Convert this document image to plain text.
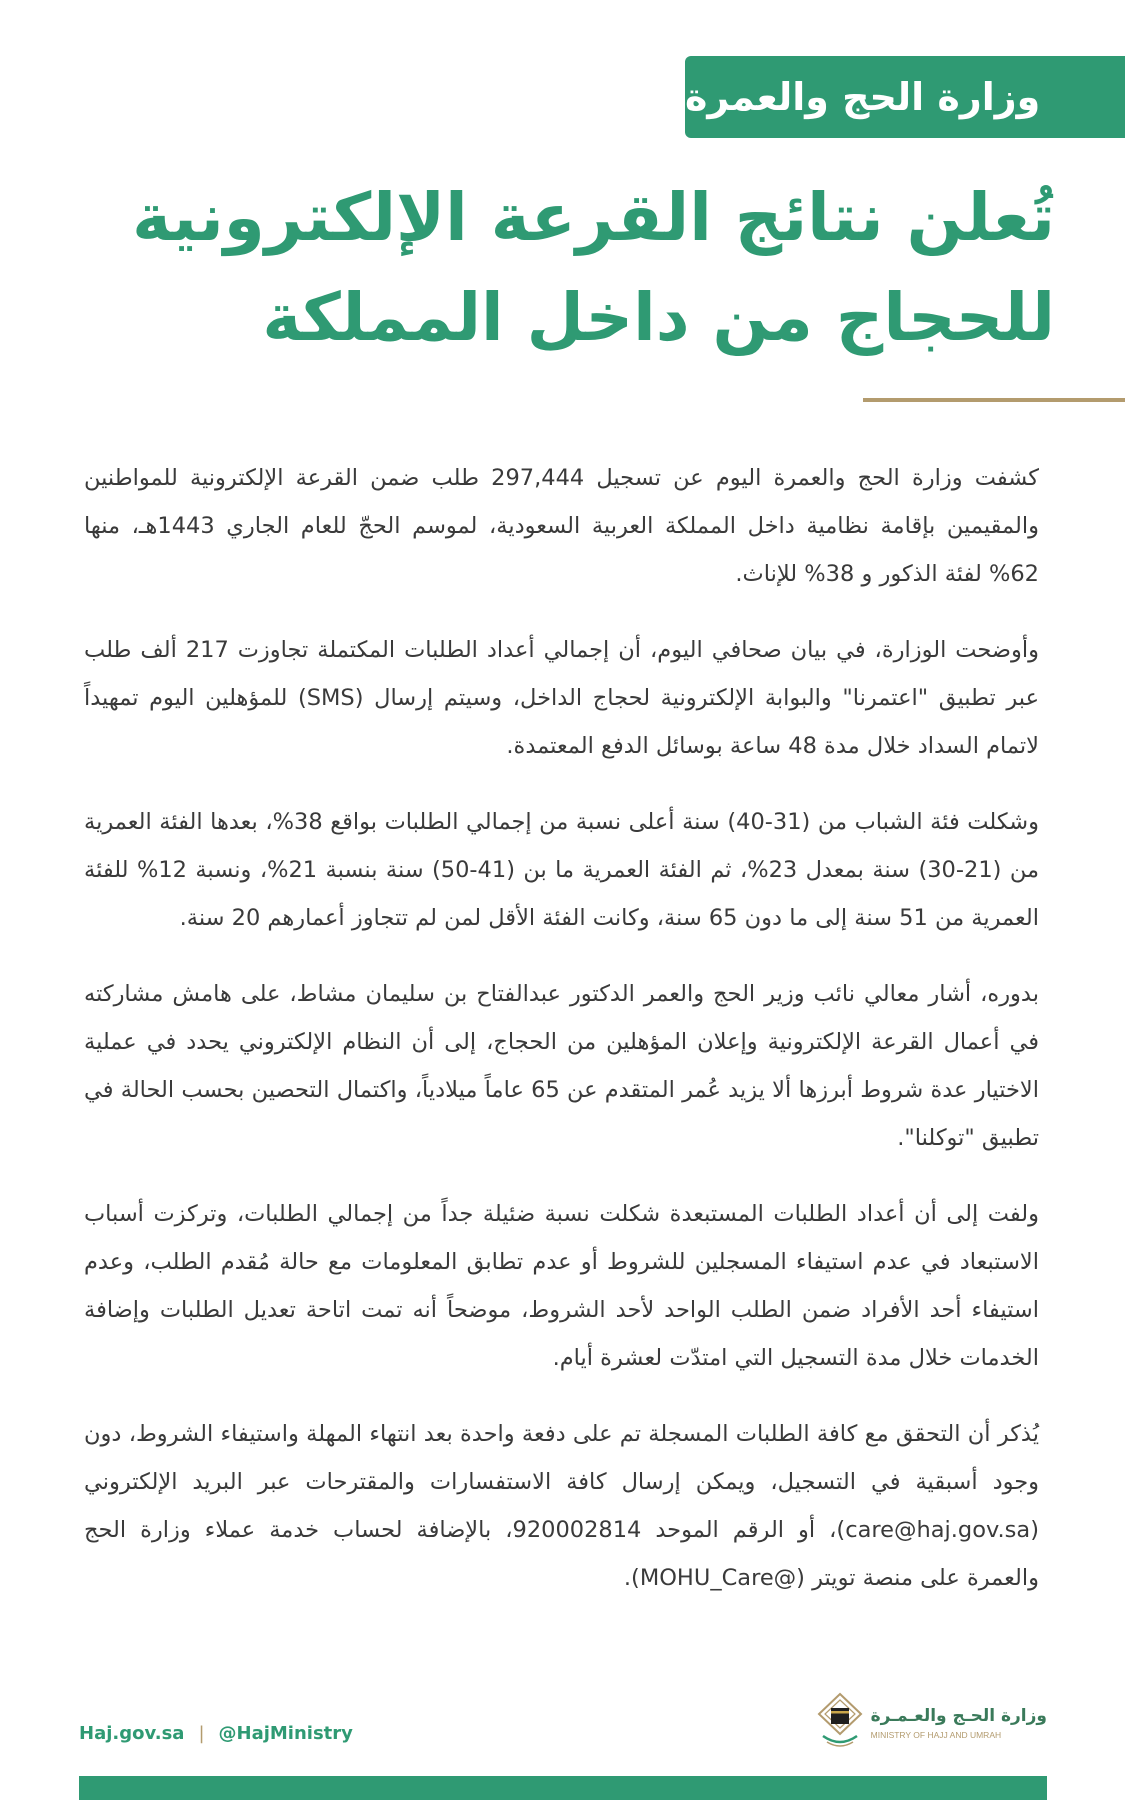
وزارة الحج والعمرة
تُعلن نتائج القرعة الإلكترونية
للحجاج من داخل المملكة

كشفت وزارة الحج والعمرة اليوم عن تسجيل 297,444 طلب ضمن القرعة الإلكترونية للمواطنين والمقيمين بإقامة نظامية داخل المملكة العربية السعودية، لموسم الحجّ للعام الجاري 1443هـ، منها 62% لفئة الذكور و 38% للإناث.

وأوضحت الوزارة، في بيان صحافي اليوم، أن إجمالي أعداد الطلبات المكتملة تجاوزت 217 ألف طلب عبر تطبيق "اعتمرنا" والبوابة الإلكترونية لحجاج الداخل، وسيتم إرسال (SMS) للمؤهلين اليوم تمهيداً لاتمام السداد خلال مدة 48 ساعة بوسائل الدفع المعتمدة.

وشكلت فئة الشباب من (31-40) سنة أعلى نسبة من إجمالي الطلبات بواقع 38%، بعدها الفئة العمرية من (21-30) سنة بمعدل 23%، ثم الفئة العمرية ما بن (41-50) سنة بنسبة 21%، ونسبة 12% للفئة العمرية من 51 سنة إلى ما دون 65 سنة، وكانت الفئة الأقل لمن لم تتجاوز أعمارهم 20 سنة.

بدوره، أشار معالي نائب وزير الحج والعمر الدكتور عبدالفتاح بن سليمان مشاط، على هامش مشاركته في أعمال القرعة الإلكترونية وإعلان المؤهلين من الحجاج، إلى أن النظام الإلكتروني يحدد في عملية الاختيار عدة شروط أبرزها ألا يزيد عُمر المتقدم عن 65 عاماً ميلادياً، واكتمال التحصين بحسب الحالة في تطبيق "توكلنا".

ولفت إلى أن أعداد الطلبات المستبعدة شكلت نسبة ضئيلة جداً من إجمالي الطلبات، وتركزت أسباب الاستبعاد في عدم استيفاء المسجلين للشروط أو عدم تطابق المعلومات مع حالة مُقدم الطلب، وعدم استيفاء أحد الأفراد ضمن الطلب الواحد لأحد الشروط، موضحاً أنه تمت اتاحة تعديل الطلبات وإضافة الخدمات خلال مدة التسجيل التي امتدّت لعشرة أيام.

يُذكر أن التحقق مع كافة الطلبات المسجلة تم على دفعة واحدة بعد انتهاء المهلة واستيفاء الشروط، دون وجود أسبقية في التسجيل، ويمكن إرسال كافة الاستفسارات والمقترحات عبر البريد الإلكتروني (care@haj.gov.sa)، أو الرقم الموحد 920002814، بالإضافة لحساب خدمة عملاء وزارة الحج والعمرة على منصة تويتر (@MOHU_Care).

وزارة الحـج والعـمـرة
MINISTRY OF HAJJ AND UMRAH
Haj.gov.sa | @HajMinistry
